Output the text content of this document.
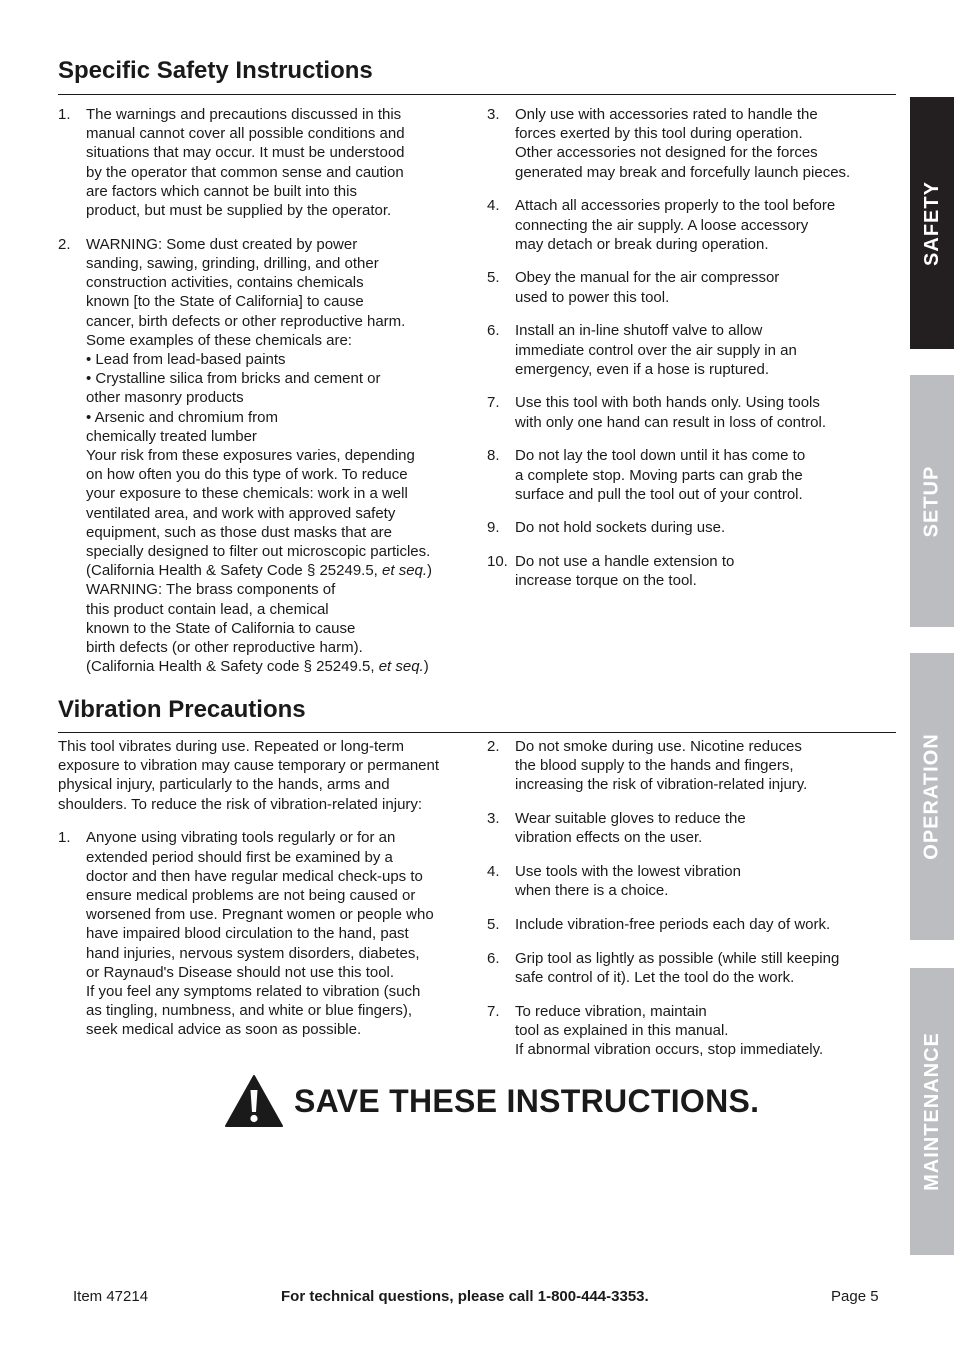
Specific Safety Instructions
1.	The warnings and precautions discussed in this
manual cannot cover all possible conditions and
situations that may occur. It must be understood
by the operator that common sense and caution
are factors which cannot be built into this
product, but must be supplied by the operator.
2.	WARNING: Some dust created by power
sanding, sawing, grinding, drilling, and other
construction activities, contains chemicals
known [to the State of California] to cause
cancer, birth defects or other reproductive harm.
Some examples of these chemicals are:
• Lead from lead-based paints
• Crystalline silica from bricks and cement or
other masonry products
• Arsenic and chromium from
chemically treated lumber
Your risk from these exposures varies, depending
on how often you do this type of work. To reduce
your exposure to these chemicals: work in a well
ventilated area, and work with approved safety
equipment, such as those dust masks that are
specially designed to filter out microscopic particles.
(California Health & Safety Code § 25249.5, et seq.)
WARNING: The brass components of
this product contain lead, a chemical
known to the State of California to cause
birth defects (or other reproductive harm).
(California Health & Safety code § 25249.5, et seq.)
3.	Only use with accessories rated to handle the
forces exerted by this tool during operation.
Other accessories not designed for the forces
generated may break and forcefully launch pieces.
4.	Attach all accessories properly to the tool before
connecting the air supply. A loose accessory
may detach or break during operation.
5.	Obey the manual for the air compressor
used to power this tool.
6.	Install an in-line shutoff valve to allow
immediate control over the air supply in an
emergency, even if a hose is ruptured.
7.	Use this tool with both hands only. Using tools
with only one hand can result in loss of control.
8.	Do not lay the tool down until it has come to
a complete stop. Moving parts can grab the
surface and pull the tool out of your control.
9.	Do not hold sockets during use.
10. Do not use a handle extension to
increase torque on the tool.
Vibration Precautions
This tool vibrates during use. Repeated or long-term
exposure to vibration may cause temporary or permanent
physical injury, particularly to the hands, arms and
shoulders. To reduce the risk of vibration-related injury:
1.	Anyone using vibrating tools regularly or for an
extended period should first be examined by a
doctor and then have regular medical check-ups to
ensure medical problems are not being caused or
worsened from use. Pregnant women or people who
have impaired blood circulation to the hand, past
hand injuries, nervous system disorders, diabetes,
or Raynaud's Disease should not use this tool.
If you feel any symptoms related to vibration (such
as tingling, numbness, and white or blue fingers),
seek medical advice as soon as possible.
2.	Do not smoke during use. Nicotine reduces
the blood supply to the hands and fingers,
increasing the risk of vibration-related injury.
3.	Wear suitable gloves to reduce the
vibration effects on the user.
4.	Use tools with the lowest vibration
when there is a choice.
5.	Include vibration-free periods each day of work.
6.	Grip tool as lightly as possible (while still keeping
safe control of it). Let the tool do the work.
7.	To reduce vibration, maintain
tool as explained in this manual.
If abnormal vibration occurs, stop immediately.
SAVE THESE INSTRUCTIONS.
SAFETY
SETUP
OPERATION
MAINTENANCE
Item 47214	For technical questions, please call 1-800-444-3353.	Page 5
